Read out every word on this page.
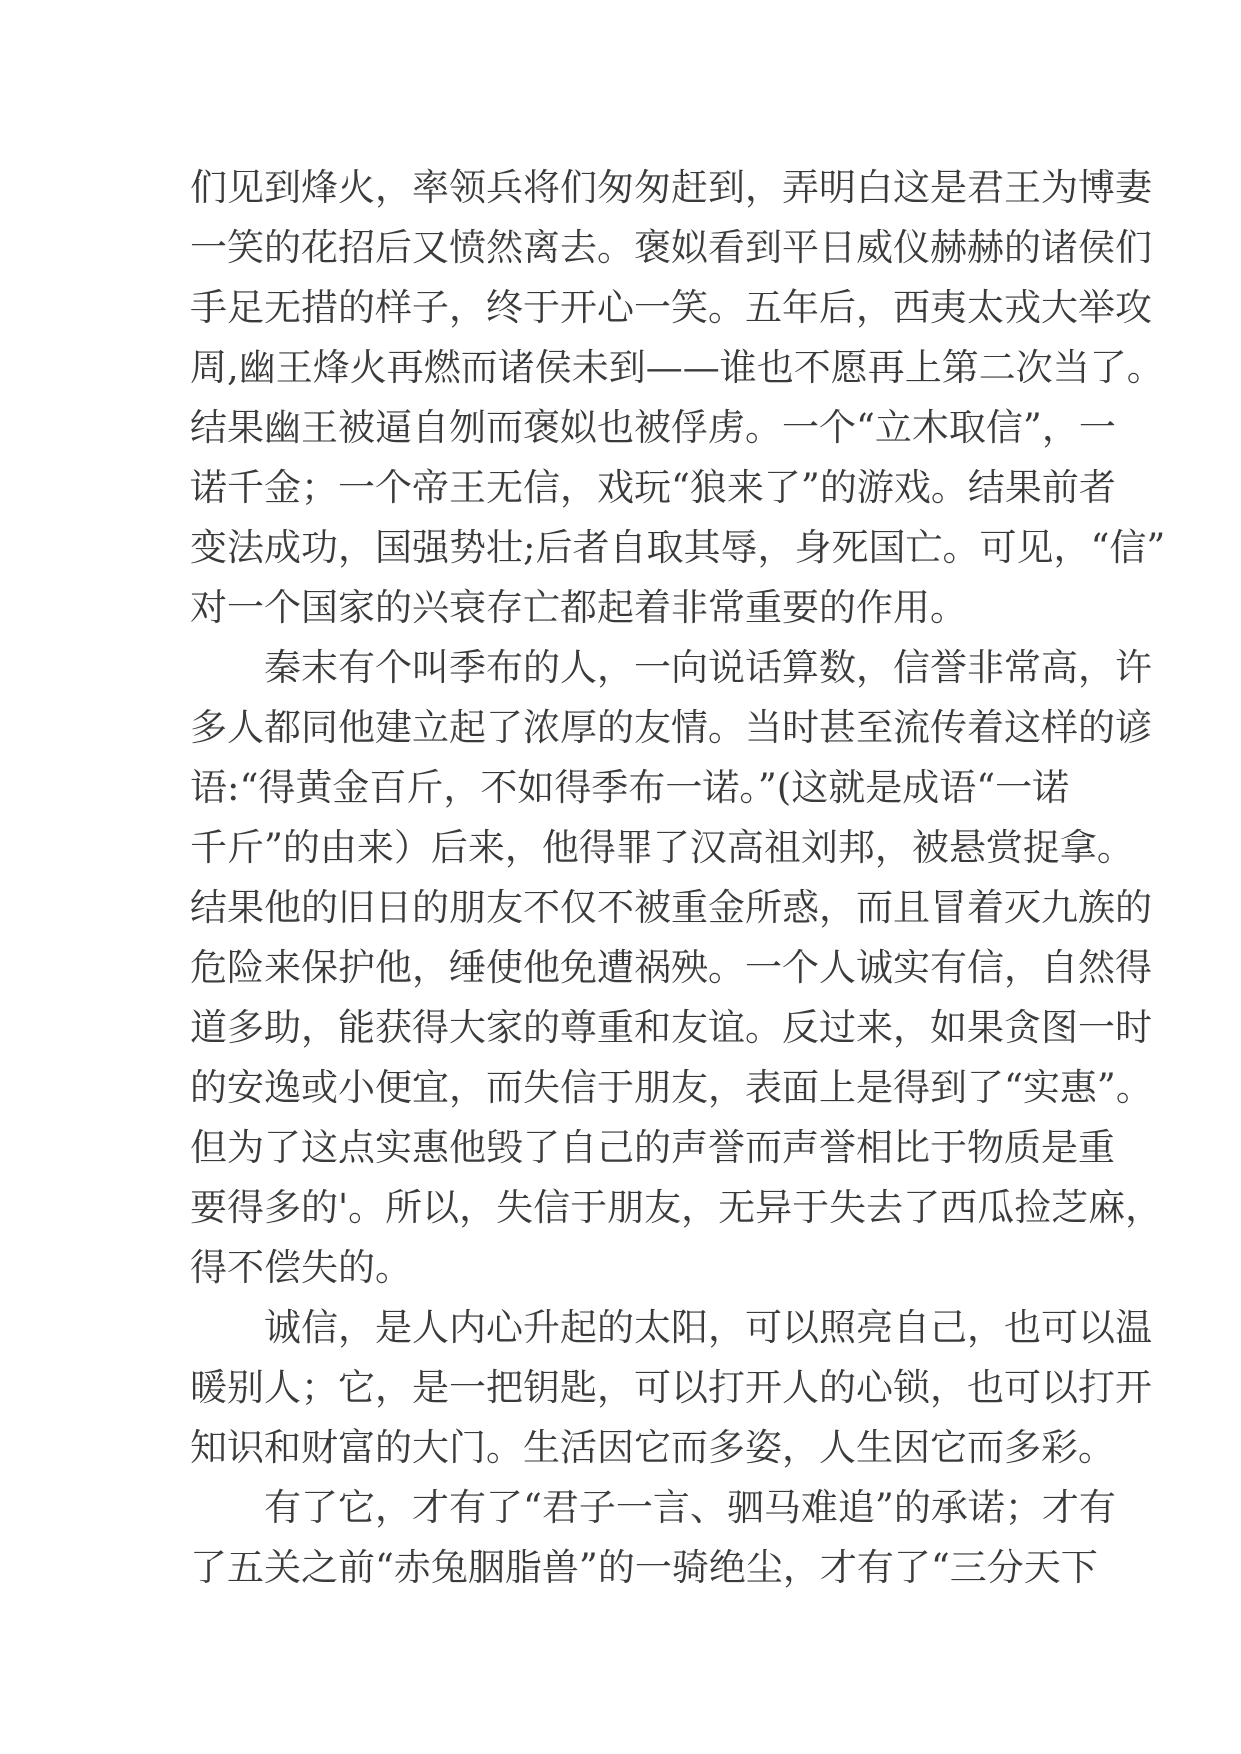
们见到烽火，率领兵将们匆匆赶到，弄明白这是君王为博妻
一笑的花招后又愤然离去。褒姒看到平日威仪赫赫的诸侯们
手足无措的样子，终于开心一笑。五年后，西夷太戎大举攻
周,幽王烽火再燃而诸侯未到——谁也不愿再上第二次当了。
结果幽王被逼自刎而褒姒也被俘虏。一个“立木取信”，一
诺千金；一个帝王无信，戏玩“狼来了”的游戏。结果前者
变法成功，国强势壮;后者自取其辱，身死国亡。可见，“信”
对一个国家的兴衰存亡都起着非常重要的作用。
秦末有个叫季布的人，一向说话算数，信誉非常高，许
多人都同他建立起了浓厚的友情。当时甚至流传着这样的谚
语:“得黄金百斤，不如得季布一诺。”(这就是成语“一诺
千斤”的由来）后来，他得罪了汉高祖刘邦，被悬赏捉拿。
结果他的旧日的朋友不仅不被重金所惑，而且冒着灭九族的
危险来保护他，缍使他免遭祸殃。一个人诚实有信，自然得
道多助，能获得大家的尊重和友谊。反过来，如果贪图一时
的安逸或小便宜，而失信于朋友，表面上是得到了“实惠”。
但为了这点实惠他毁了自己的声誉而声誉相比于物质是重
要得多的'。所以，失信于朋友，无异于失去了西瓜捡芝麻，
得不偿失的。
诚信，是人内心升起的太阳，可以照亮自己，也可以温
暖别人；它，是一把钥匙，可以打开人的心锁，也可以打开
知识和财富的大门。生活因它而多姿，人生因它而多彩。
有了它，才有了“君子一言、驷马难追”的承诺；才有
了五关之前“赤兔胭脂兽”的一骑绝尘，才有了“三分天下
